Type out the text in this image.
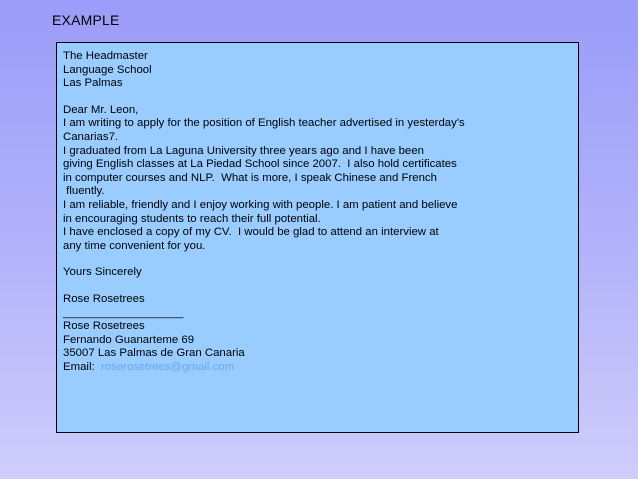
EXAMPLE
The Headmaster
Language School
Las Palmas
Dear Mr. Leon,
I am writing to apply for the position of English teacher advertised in yesterday's
Canarias7.
I graduated from La Laguna University three years ago and I have been
giving English classes at La Piedad School since 2007.  I also hold certificates
in computer courses and NLP.  What is more, I speak Chinese and French
fluently.
I am reliable, friendly and I enjoy working with people. I am patient and believe
in encouraging students to reach their full potential.
I have enclosed a copy of my CV.  I would be glad to attend an interview at
any time convenient for you.
Yours Sincerely
Rose Rosetrees
___________________
Rose Rosetrees
Fernando Guanarteme 69
35007 Las Palmas de Gran Canaria
Email: roserosetrees@gmail.com
